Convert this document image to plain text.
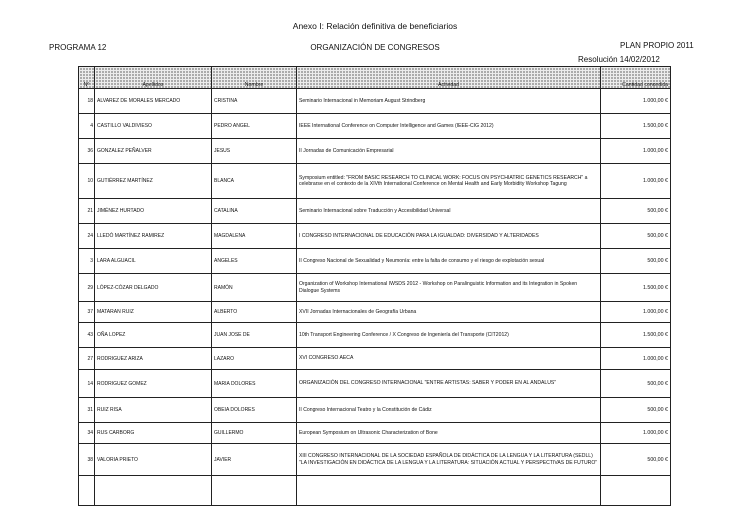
Anexo I: Relación definitiva de beneficiarios
PROGRAMA 12	ORGANIZACIÓN DE CONGRESOS	PLAN PROPIO 2011
Resolución 14/02/2012
Nº	Apellidos	Nombre	Actividad	Cantidad concedida
18	ALVAREZ DE MORALES MERCADO	CRISTINA	Seminario Internacional in Memoriam August Strindberg	1.000,00 €
4	CASTILLO VALDIVIESO	PEDRO ANGEL	IEEE International Conference on Computer Intelligence and Games (IEEE-CIG 2012)	1.500,00 €
36	GONZALEZ PEÑALVER	JESUS	II Jornadas de Comunicación Empresarial	1.000,00 €
10	GUTIÉRREZ MARTÍNEZ	BLANCA	Symposium entitled: "FROM BASIC RESEARCH TO CLINICAL WORK: FOCUS ON PSYCHIATRIC GENETICS RESEARCH" a celebrarse en el contexto de la XIVth International Conference on Mental Health and Early Morbidity Workshop Tagung	1.000,00 €
21	JIMÉNEZ HURTADO	CATALINA	Seminario Internacional sobre Traducción y Accesibilidad Universal	500,00 €
24	LLEDÓ MARTÍNEZ RAMIREZ	MAGDALENA	I CONGRESO INTERNACIONAL DE EDUCACIÓN PARA LA IGUALDAD: DIVERSIDAD Y ALTERIDADES	500,00 €
3	LARA ALGUACIL	ANGELES	II Congreso Nacional de Sexualidad y Neumonía: entre la falta de consumo y el riesgo de explotación sexual	500,00 €
29	LÓPEZ-CÓZAR DELGADO	RAMÓN	Organization of Workshop International IWSDS 2012 - Workshop on Paralinguistic Information and its Integration in Spoken Dialogue Systems	1.500,00 €
37	MATARAN RUIZ	ALBERTO	XVII Jornadas Internacionales de Geografía Urbana	1.000,00 €
43	OÑA LOPEZ	JUAN JOSE DE	10th Transport Engineering Conference / X Congreso de Ingeniería del Transporte (CIT2012)	1.500,00 €
27	RODRIGUEZ ARIZA	LAZARO	XVI CONGRESO AECA	1.000,00 €
14	RODRIGUEZ GOMEZ	MARIA DOLORES	ORGANIZACIÓN DEL CONGRESO INTERNACIONAL "ENTRE ARTISTAS: SABER Y PODER EN AL ANDALUS"	500,00 €
31	RUIZ RISA	OBEIA DOLORES	II Congreso Internacional Teatro y la Constitución de Cádiz	500,00 €
34	RUS CARBORG	GUILLERMO	European Symposium on Ultrasonic Characterization of Bone	1.000,00 €
38	VALORIA PRIETO	JAVIER	XIII CONGRESO INTERNACIONAL DE LA SOCIEDAD ESPAÑOLA DE DIDÁCTICA DE LA LENGUA Y LA LITERATURA (SEDLL) "LA INVESTIGACIÓN EN DIDÁCTICA DE LA LENGUA Y LA LITERATURA: SITUACIÓN ACTUAL Y PERSPECTIVAS DE FUTURO"	500,00 €
